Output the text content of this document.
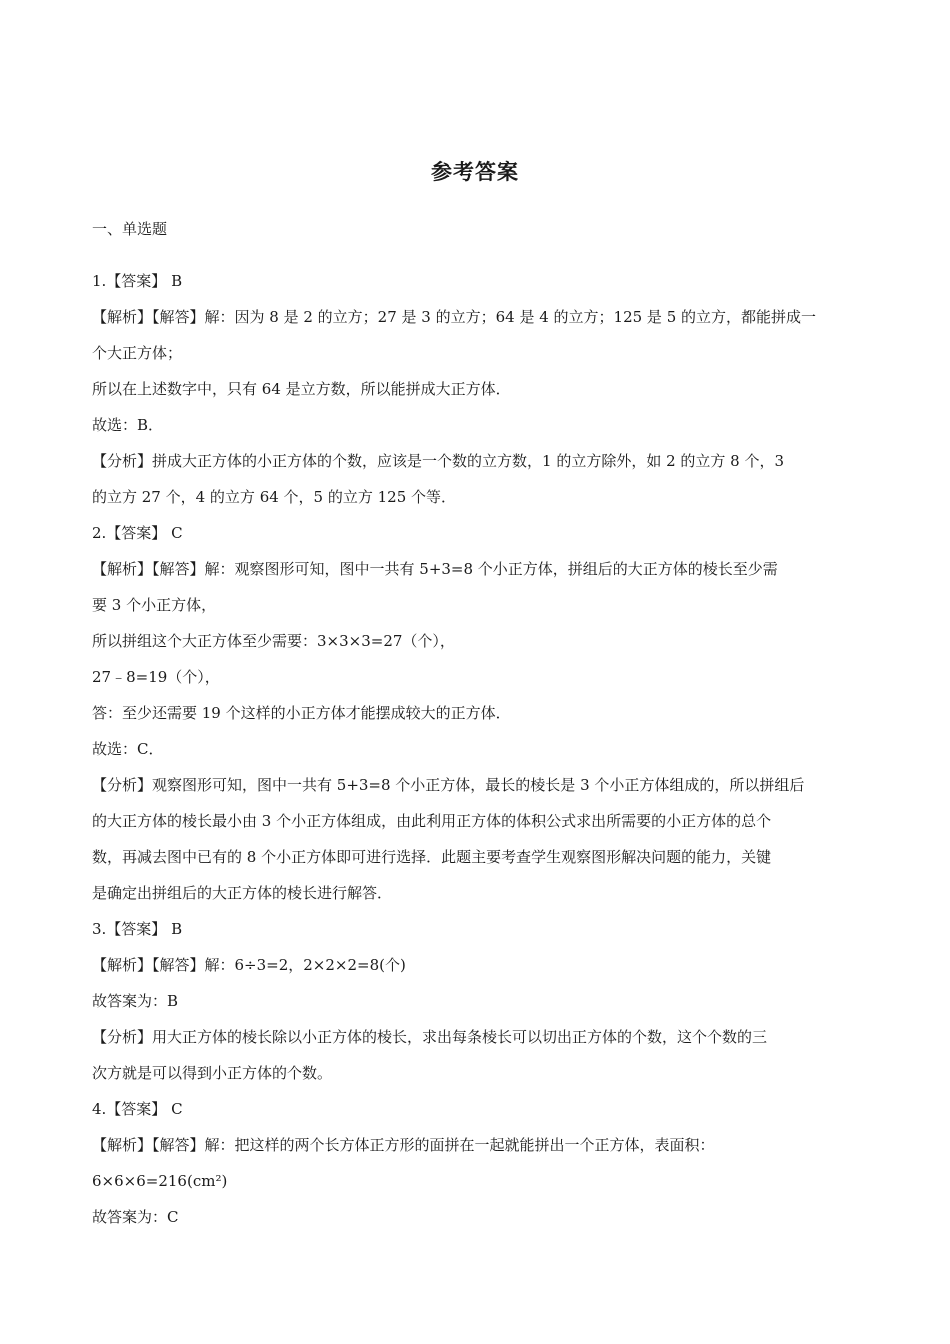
参考答案
一、单选题
1.【答案】 B
【解析】【解答】解：因为 8 是 2 的立方；27 是 3 的立方；64 是 4 的立方；125 是 5 的立方，都能拼成一
个大正方体；
所以在上述数字中，只有 64 是立方数，所以能拼成大正方体．
故选：B．
【分析】拼成大正方体的小正方体的个数，应该是一个数的立方数，1 的立方除外，如 2 的立方 8 个，3
的立方 27 个，4 的立方 64 个，5 的立方 125 个等．
2.【答案】 C
【解析】【解答】解：观察图形可知，图中一共有 5+3=8 个小正方体，拼组后的大正方体的棱长至少需
要 3 个小正方体，
所以拼组这个大正方体至少需要：3×3×3=27（个），
27﹣8=19（个），
答：至少还需要 19 个这样的小正方体才能摆成较大的正方体．
故选：C．
【分析】观察图形可知，图中一共有 5+3=8 个小正方体，最长的棱长是 3 个小正方体组成的，所以拼组后
的大正方体的棱长最小由 3 个小正方体组成，由此利用正方体的体积公式求出所需要的小正方体的总个
数，再减去图中已有的 8 个小正方体即可进行选择．此题主要考查学生观察图形解决问题的能力，关键
是确定出拼组后的大正方体的棱长进行解答．
3.【答案】 B
【解析】【解答】解：6÷3=2，2×2×2=8(个)
故答案为：B
【分析】用大正方体的棱长除以小正方体的棱长，求出每条棱长可以切出正方体的个数，这个个数的三
次方就是可以得到小正方体的个数。
4.【答案】 C
【解析】【解答】解：把这样的两个长方体正方形的面拼在一起就能拼出一个正方体，表面积：
6×6×6=216(cm²)
故答案为：C
